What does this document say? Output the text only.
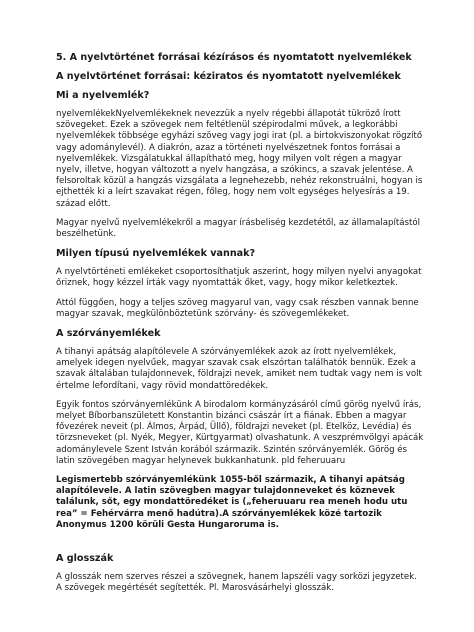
5. A nyelvtörténet forrásai kézírásos és nyomtatott nyelvemlékek
A nyelvtörténet forrásai: kéziratos és nyomtatott nyelvemlékek
Mi a nyelvemlék?
nyelvemlékekNyelvemlékeknek nevezzük a nyelv régebbi állapotát tükröző írott szövegeket. Ezek a szövegek nem feltétlenül szépirodalmi művek, a legkorábbi nyelvemlékek többsége egyházi szöveg vagy jogi irat (pl. a birtokviszonyokat rögzítő vagy adománylevél). A diakrón, azaz a történeti nyelvészetnek fontos forrásai a nyelvemlékek. Vizsgálatukkal állapítható meg, hogy milyen volt régen a magyar nyelv, illetve, hogyan változott a nyelv hangzása, a szókincs, a szavak jelentése. A felsoroltak közül a hangzás vizsgálata a legnehezebb, nehéz rekonstruálni, hogyan is ejthették ki a leírt szavakat régen, főleg, hogy nem volt egységes helyesírás a 19. század előtt.
Magyar nyelvű nyelvemlékekről a magyar írásbeliség kezdetétől, az államalapítástól beszélhetünk.
Milyen típusú nyelvemlékek vannak?
A nyelvtörténeti emlékeket csoportosíthatjuk aszerint, hogy milyen nyelvi anyagokat őriznek, hogy kézzel írták vagy nyomtatták őket, vagy, hogy mikor keletkeztek.
Attól függően, hogy a teljes szöveg magyarul van, vagy csak részben vannak benne magyar szavak, megkülönböztetünk szórvány- és szövegemlékeket.
A szórványemlékek
A tihanyi apátság alapítólevele A szórványemlékek azok az írott nyelvemlékek, amelyek idegen nyelvűek, magyar szavak csak elszórtan találhatók bennük. Ezek a szavak általában tulajdonnevek, földrajzi nevek, amiket nem tudtak vagy nem is volt értelme lefordítani, vagy rövid mondattöredékek.
Egyik fontos szórványemlékünk A birodalom kormányzásáról című görög nyelvű írás, melyet Bíborbanszületett Konstantin bizánci császár írt a fiának. Ebben a magyar fővezérek neveit (pl. Álmos, Árpád, Üllő), földrajzi neveket (pl. Etelköz, Levédia) és törzsneveket (pl. Nyék, Megyer, Kürtgyarmat) olvashatunk. A veszprémvölgyi apácák adománylevele Szent István korából származik. Szintén szórványemlék. Görög és latin szövegében magyar helynevek bukkanhatunk. pld feheruuaru
Legismertebb szórványemlékünk 1055-ből származik, A tihanyi apátság alapítólevele. A latin szövegben magyar tulajdonneveket és köznevek találunk, sőt, egy mondattöredéket is („feheruuaru rea meneh hodu utu rea” = Fehérvárra menő hadútra).A szórványemlékek közé tartozik Anonymus 1200 körüli Gesta Hungaroruma is.
A glosszák
A glosszák nem szerves részei a szövegnek, hanem lapszéli vagy sorközi jegyzetek. A szövegek megértését segítették. Pl. Marosvásárhelyi glosszák.
